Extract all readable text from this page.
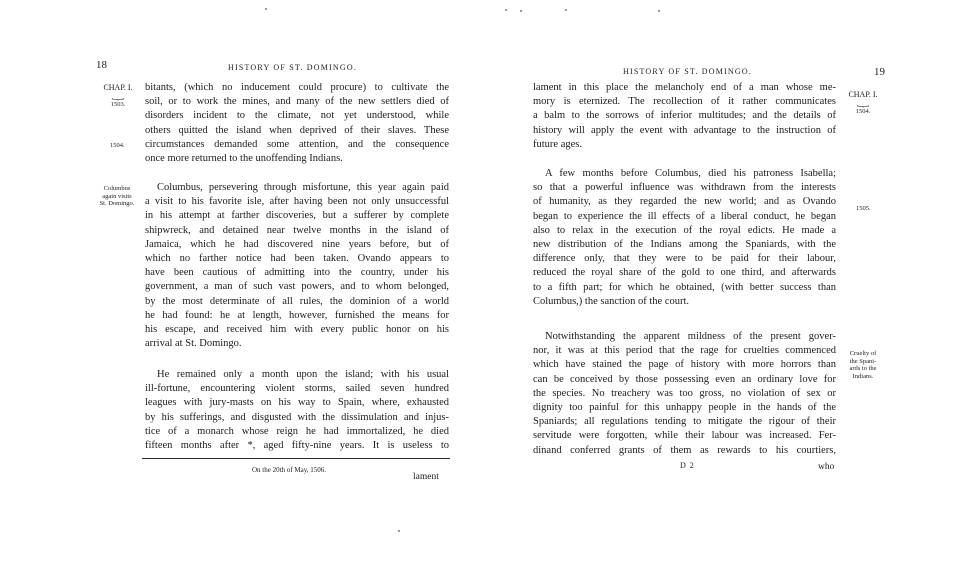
18	HISTORY OF ST. DOMINGO.
CHAP. I.
⏟
1503.
1504.
Columbus
again visits
St. Domingo.
bitants, (which no inducement could procure) to cultivate the
soil, or to work the mines, and many of the new settlers died of
disorders incident to the climate, not yet understood, while
others quitted the island when deprived of their slaves. These
circumstances demanded some attention, and the consequence
once more returned to the unoffending Indians.
Columbus, persevering through misfortune, this year again paid
a visit to his favorite isle, after having been not only unsuccessful
in his attempt at farther discoveries, but a sufferer by complete
shipwreck, and detained near twelve months in the island of
Jamaica, which he had discovered nine years before, but of
which no farther notice had been taken. Ovando appears to
have been cautious of admitting into the country, under his
government, a man of such vast powers, and to whom belonged,
by the most determinate of all rules, the dominion of a world
he had found: he at length, however, furnished the means for
his escape, and received him with every public honor on his
arrival at St. Domingo.
He remained only a month upon the island; with his usual
ill-fortune, encountering violent storms, sailed seven hundred
leagues with jury-masts on his way to Spain, where, exhausted
by his sufferings, and disgusted with the dissimulation and injus-
tice of a monarch whose reign he had immortalized, he died
fifteen months after *, aged fifty-nine years. It is useless to
On the 20th of May, 1506.
lament
HISTORY OF ST. DOMINGO.	19
CHAP. I.
⏟
1504.
1505.
Cruelty of
the Spani-
ards to the
Indians.
lament in this place the melancholy end of a man whose me-
mory is eternized. The recollection of it rather communicates
a balm to the sorrows of inferior multitudes; and the details of
history will apply the event with advantage to the instruction of
future ages.
A few months before Columbus, died his patroness Isabella;
so that a powerful influence was withdrawn from the interests
of humanity, as they regarded the new world; and as Ovando
began to experience the ill effects of a liberal conduct, he began
also to relax in the execution of the royal edicts. He made a
new distribution of the Indians among the Spaniards, with the
difference only, that they were to be paid for their labour,
reduced the royal share of the gold to one third, and afterwards
to a fifth part; for which he obtained, (with better success than
Columbus,) the sanction of the court.
Notwithstanding the apparent mildness of the present gover-
nor, it was at this period that the rage for cruelties commenced
which have stained the page of history with more horrors than
can be conceived by those possessing even an ordinary love for
the species. No treachery was too gross, no violation of sex or
dignity too painful for this unhappy people in the hands of the
Spaniards; all regulations tending to mitigate the rigour of their
servitude were forgotten, while their labour was increased. Fer-
dinand conferred grants of them as rewards to his courtiers,
D 2	who
